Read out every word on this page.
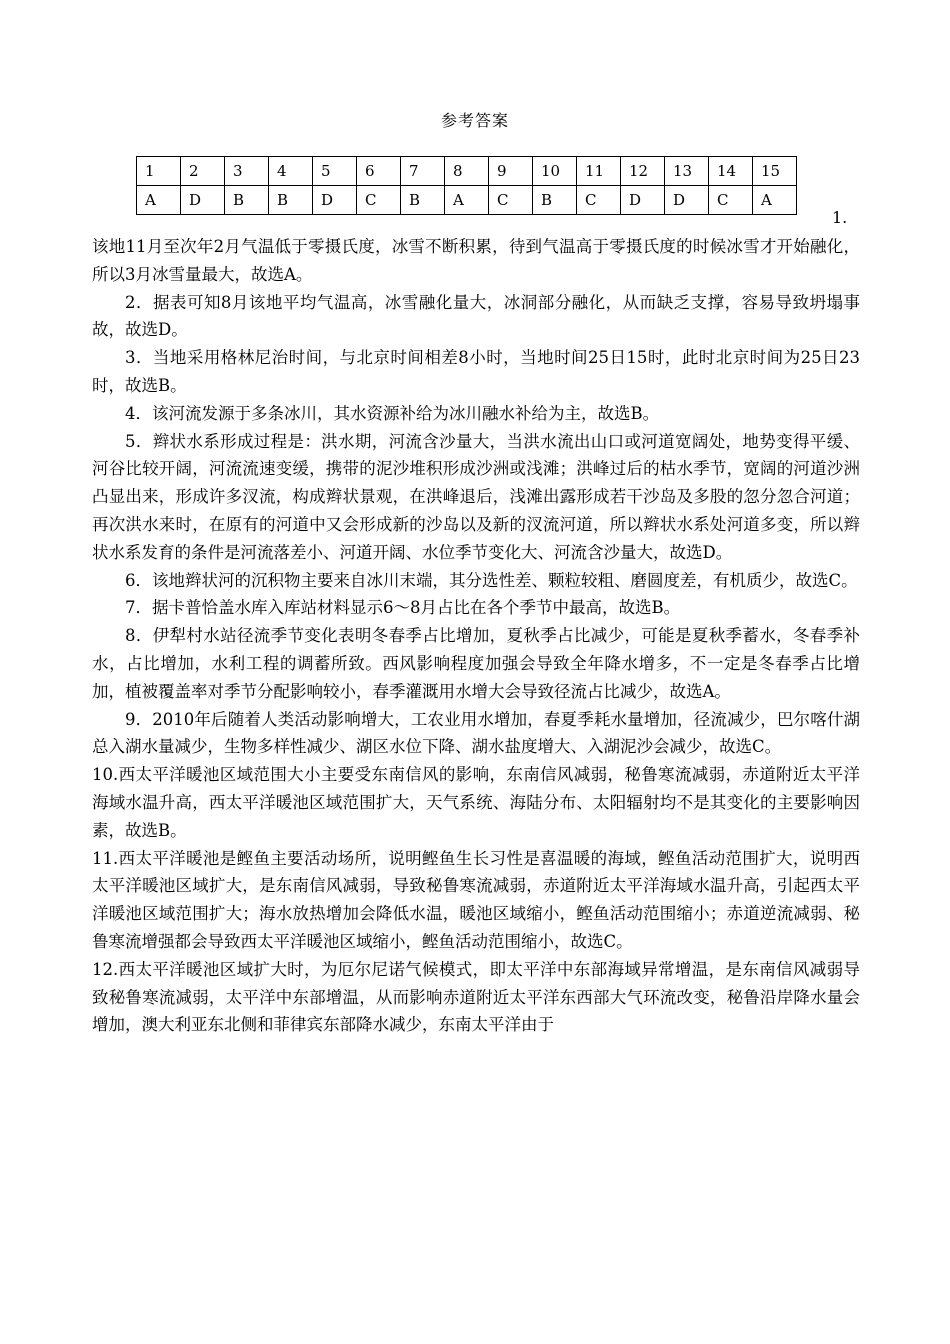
参考答案
1	2	3	4	5	6	7	8	9	10	11	12	13	14	15
A	D	B	B	D	C	B	A	C	B	C	D	D	C	A
1.

该地11月至次年2月气温低于零摄氏度，冰雪不断积累，待到气温高于零摄氏度的时候冰雪才开始融化，所以3月冰雪量最大，故选A。

2．据表可知8月该地平均气温高，冰雪融化量大，冰洞部分融化，从而缺乏支撑，容易导致坍塌事故，故选D。

3．当地采用格林尼治时间，与北京时间相差8小时，当地时间25日15时，此时北京时间为25日23时，故选B。

4．该河流发源于多条冰川，其水资源补给为冰川融水补给为主，故选B。

5．辫状水系形成过程是：洪水期，河流含沙量大，当洪水流出山口或河道宽阔处，地势变得平缓、河谷比较开阔，河流流速变缓，携带的泥沙堆积形成沙洲或浅滩；洪峰过后的枯水季节，宽阔的河道沙洲凸显出来，形成许多汊流，构成辫状景观，在洪峰退后，浅滩出露形成若干沙岛及多股的忽分忽合河道；再次洪水来时，在原有的河道中又会形成新的沙岛以及新的汊流河道，所以辫状水系处河道多变，所以辫状水系发育的条件是河流落差小、河道开阔、水位季节变化大、河流含沙量大，故选D。

6．该地辫状河的沉积物主要来自冰川末端，其分选性差、颗粒较粗、磨圆度差，有机质少，故选C。

7．据卡普恰盖水库入库站材料显示6～8月占比在各个季节中最高，故选B。

8．伊犁村水站径流季节变化表明冬春季占比增加，夏秋季占比减少，可能是夏秋季蓄水，冬春季补水，占比增加，水利工程的调蓄所致。西风影响程度加强会导致全年降水增多，不一定是冬春季占比增加，植被覆盖率对季节分配影响较小，春季灌溉用水增大会导致径流占比减少，故选A。

9．2010年后随着人类活动影响增大，工农业用水增加，春夏季耗水量增加，径流减少，巴尔喀什湖总入湖水量减少，生物多样性减少、湖区水位下降、湖水盐度增大、入湖泥沙会减少，故选C。

10.西太平洋暖池区域范围大小主要受东南信风的影响，东南信风减弱，秘鲁寒流减弱，赤道附近太平洋海域水温升高，西太平洋暖池区域范围扩大，天气系统、海陆分布、太阳辐射均不是其变化的主要影响因素，故选B。

11.西太平洋暖池是鲣鱼主要活动场所，说明鲣鱼生长习性是喜温暖的海域，鲣鱼活动范围扩大，说明西太平洋暖池区域扩大，是东南信风减弱，导致秘鲁寒流减弱，赤道附近太平洋海域水温升高，引起西太平洋暖池区域范围扩大；海水放热增加会降低水温，暖池区域缩小，鲣鱼活动范围缩小；赤道逆流减弱、秘鲁寒流增强都会导致西太平洋暖池区域缩小，鲣鱼活动范围缩小，故选C。

12.西太平洋暖池区域扩大时，为厄尔尼诺气候模式，即太平洋中东部海域异常增温，是东南信风减弱导致秘鲁寒流减弱，太平洋中东部增温，从而影响赤道附近太平洋东西部大气环流改变，秘鲁沿岸降水量会增加，澳大利亚东北侧和菲律宾东部降水减少，东南太平洋由于
